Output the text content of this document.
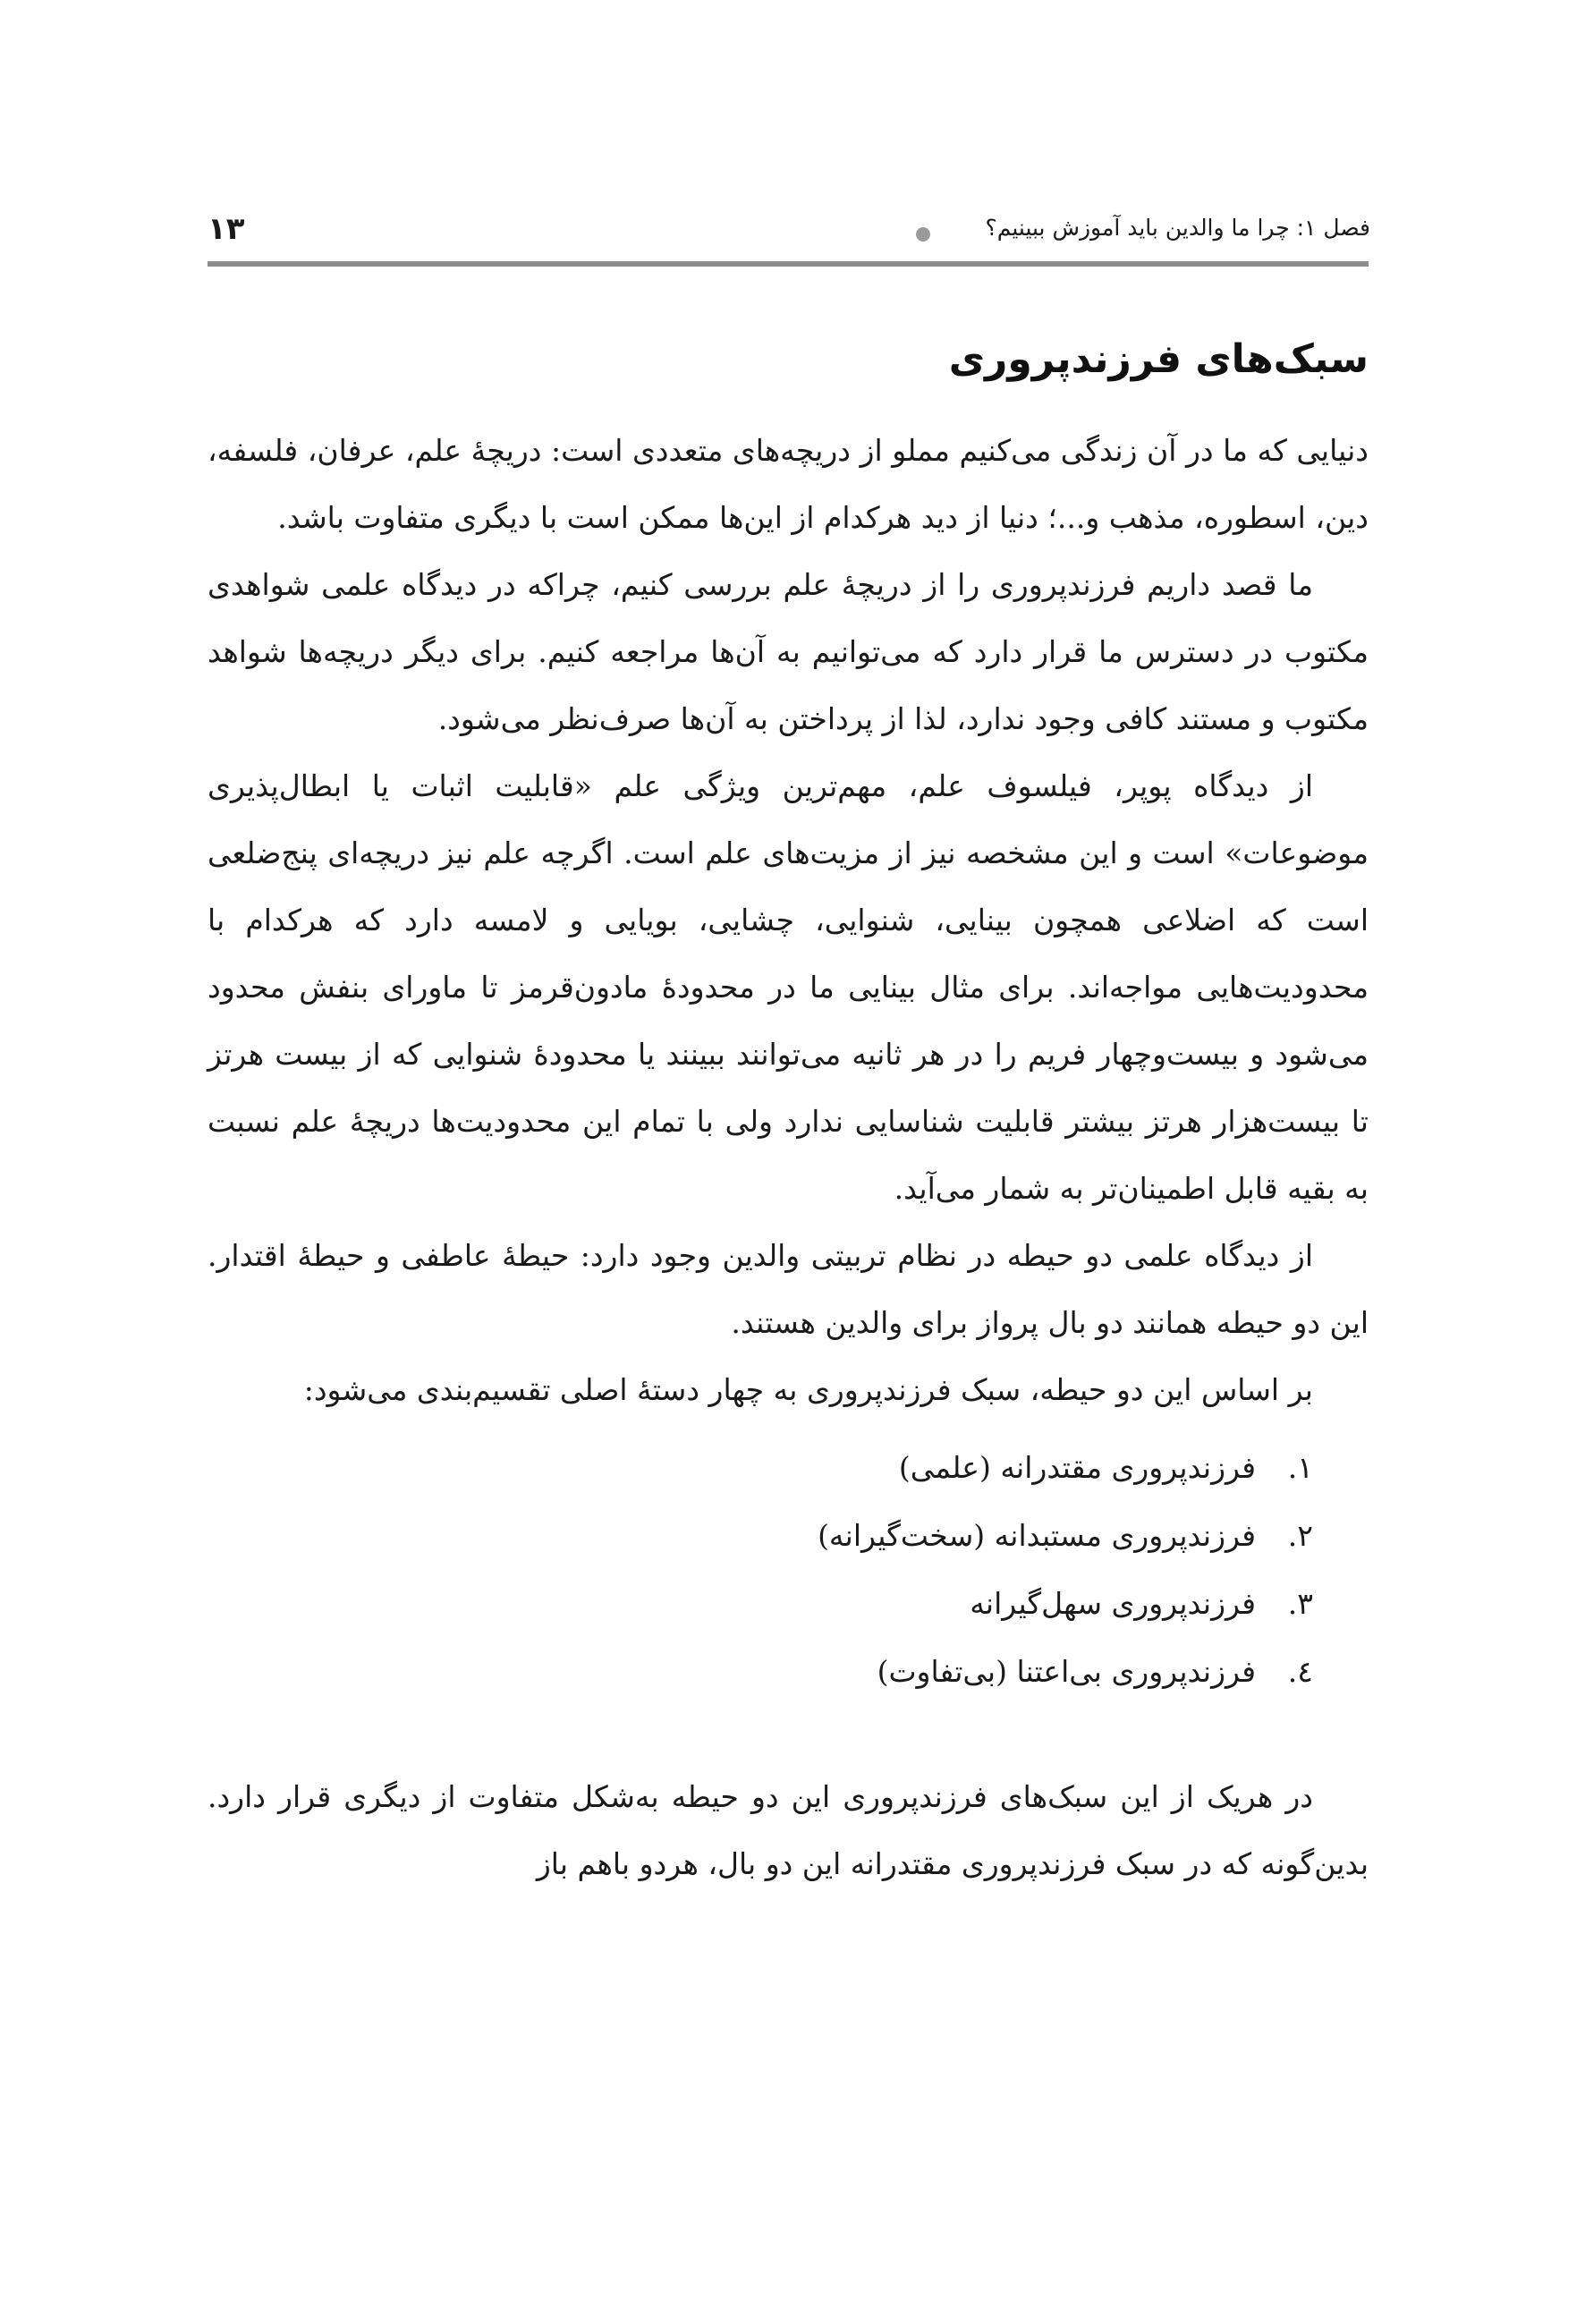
فصل ۱: چرا ما والدین باید آموزش ببینیم؟
۱۳
سبک‌های فرزندپروری

دنیایی که ما در آن زندگی می‌کنیم مملو از دریچه‌های متعددی است: دریچهٔ علم، عرفان، فلسفه، دین، اسطوره، مذهب و...؛ دنیا از دید هرکدام از این‌ها ممکن است با دیگری متفاوت باشد.

ما قصد داریم فرزندپروری را از دریچهٔ علم بررسی کنیم، چراکه در دیدگاه علمی شواهدی مکتوب در دسترس ما قرار دارد که می‌توانیم به آن‌ها مراجعه کنیم. برای دیگر دریچه‌ها شواهد مکتوب و مستند کافی وجود ندارد، لذا از پرداختن به آن‌ها صرف‌نظر می‌شود.

از دیدگاه پوپر، فیلسوف علم، مهم‌ترین ویژگی علم «قابلیت اثبات یا ابطال‌پذیری موضوعات» است و این مشخصه نیز از مزیت‌های علم است. اگرچه علم نیز دریچه‌ای پنج‌ضلعی است که اضلاعی همچون بینایی، شنوایی، چشایی، بویایی و لامسه دارد که هرکدام با محدودیت‌هایی مواجه‌اند. برای مثال بینایی ما در محدودهٔ مادون‌قرمز تا ماورای بنفش محدود می‌شود و بیست‌وچهار فریم را در هر ثانیه می‌توانند ببینند یا محدودهٔ شنوایی که از بیست هرتز تا بیست‌هزار هرتز بیشتر قابلیت شناسایی ندارد ولی با تمام این محدودیت‌ها دریچهٔ علم نسبت به بقیه قابل اطمینان‌تر به شمار می‌آید.

از دیدگاه علمی دو حیطه در نظام تربیتی والدین وجود دارد: حیطهٔ عاطفی و حیطهٔ اقتدار. این دو حیطه همانند دو بال پرواز برای والدین هستند.

بر اساس این دو حیطه، سبک فرزندپروری به چهار دستهٔ اصلی تقسیم‌بندی می‌شود:

۱.فرزندپروری مقتدرانه (علمی)
۲.فرزندپروری مستبدانه (سخت‌گیرانه)
۳.فرزندپروری سهل‌گیرانه
٤.فرزندپروری بی‌اعتنا (بی‌تفاوت)

در هریک از این سبک‌های فرزندپروری این دو حیطه به‌شکل متفاوت از دیگری قرار دارد. بدین‌گونه که در سبک فرزندپروری مقتدرانه این دو بال، هردو باهم باز
